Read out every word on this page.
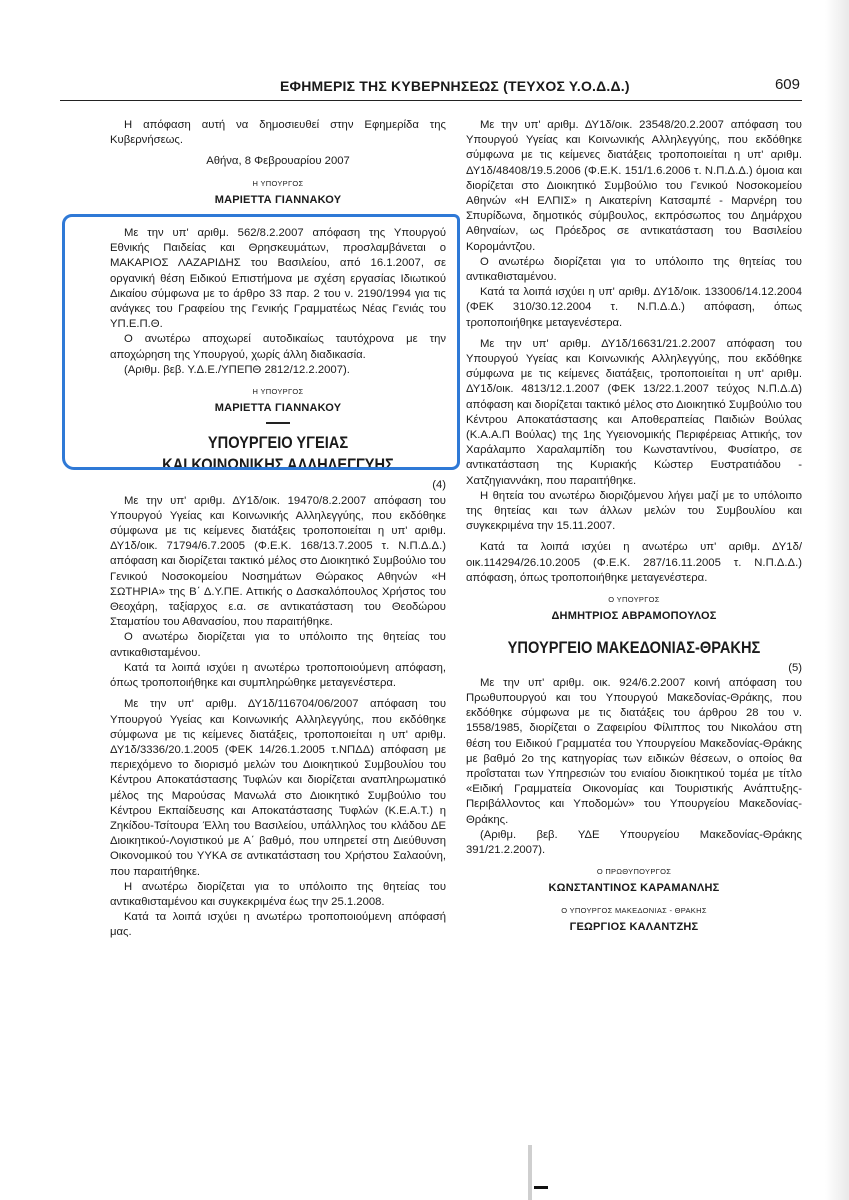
ΕΦΗΜΕΡΙΣ ΤΗΣ ΚΥΒΕΡΝΗΣΕΩΣ (ΤΕΥΧΟΣ Υ.Ο.Δ.Δ.)	609

Η απόφαση αυτή να δημοσιευθεί στην Εφημερίδα της Κυβερνήσεως.

Αθήνα, 8 Φεβρουαρίου 2007

Η ΥΠΟΥΡΓΟΣ

ΜΑΡΙΕΤΤΑ ΓΙΑΝΝΑΚΟΥ

Με την υπ' αριθμ. 562/8.2.2007 απόφαση της Υπουργού Εθνικής Παιδείας και Θρησκευμάτων, προσλαμβάνεται ο ΜΑΚΑΡΙΟΣ ΛΑΖΑΡΙΔΗΣ του Βασιλείου, από 16.1.2007, σε οργανική θέση Ειδικού Επιστήμονα με σχέση εργασίας Ιδιωτικού Δικαίου σύμφωνα με το άρθρο 33 παρ. 2 του ν. 2190/1994 για τις ανάγκες του Γραφείου της Γενικής Γραμματέως Νέας Γενιάς του ΥΠ.Ε.Π.Θ.

Ο ανωτέρω αποχωρεί αυτοδικαίως ταυτόχρονα με την αποχώρηση της Υπουργού, χωρίς άλλη διαδικασία.

(Αριθμ. βεβ. Υ.Δ.Ε./ΥΠΕΠΘ 2812/12.2.2007).

Η ΥΠΟΥΡΓΟΣ

ΜΑΡΙΕΤΤΑ ΓΙΑΝΝΑΚΟΥ

ΥΠΟΥΡΓΕΙΟ ΥΓΕΙΑΣ

ΚΑΙ ΚΟΙΝΩΝΙΚΗΣ ΑΛΛΗΛΕΓΓΥΗΣ

(4)

Με την υπ' αριθμ. ΔΥ1δ/οικ. 19470/8.2.2007 απόφαση του Υπουργού Υγείας και Κοινωνικής Αλληλεγγύης, που εκδόθηκε σύμφωνα με τις κείμενες διατάξεις τροποποιείται η υπ' αριθμ. ΔΥ1δ/οικ. 71794/6.7.2005 (Φ.Ε.Κ. 168/13.7.2005 τ. Ν.Π.Δ.Δ.) απόφαση και διορίζεται τακτικό μέλος στο Διοικητικό Συμβούλιο του Γενικού Νοσοκομείου Νοσημάτων Θώρακος Αθηνών «Η ΣΩΤΗΡΙΑ» της Β΄ Δ.Υ.ΠΕ. Αττικής ο Δασκαλόπουλος Χρήστος του Θεοχάρη, ταξίαρχος ε.α. σε αντικατάσταση του Θεοδώρου Σταματίου του Αθανασίου, που παραιτήθηκε.

Ο ανωτέρω διορίζεται για το υπόλοιπο της θητείας του αντικαθισταμένου.

Κατά τα λοιπά ισχύει η ανωτέρω τροποποιούμενη απόφαση, όπως τροποποιήθηκε και συμπληρώθηκε μεταγενέστερα.

Με την υπ' αριθμ. ΔΥ1δ/116704/06/2007 απόφαση του Υπουργού Υγείας και Κοινωνικής Αλληλεγγύης, που εκδόθηκε σύμφωνα με τις κείμενες διατάξεις, τροποποιείται η υπ' αριθμ. ΔΥ1δ/3336/20.1.2005 (ΦΕΚ 14/26.1.2005 τ.ΝΠΔΔ) απόφαση με περιεχόμενο το διορισμό μελών του Διοικητικού Συμβουλίου του Κέντρου Αποκατάστασης Τυφλών και διορίζεται αναπληρωματικό μέλος της Μαρούσας Μανωλά στο Διοικητικό Συμβούλιο του Κέντρου Εκπαίδευσης και Αποκατάστασης Τυφλών (Κ.Ε.Α.Τ.) η Ζηκίδου-Τσίτουρα Έλλη του Βασιλείου, υπάλληλος του κλάδου ΔΕ Διοικητικού-Λογιστικού με Α΄ βαθμό, που υπηρετεί στη Διεύθυνση Οικονομικού του ΥΥΚΑ σε αντικατάσταση του Χρήστου Σαλαούνη, που παραιτήθηκε.

Η ανωτέρω διορίζεται για το υπόλοιπο της θητείας του αντικαθισταμένου και συγκεκριμένα έως την 25.1.2008.

Κατά τα λοιπά ισχύει η ανωτέρω τροποποιούμενη απόφασή μας.

Με την υπ' αριθμ. ΔΥ1δ/οικ. 23548/20.2.2007 απόφαση του Υπουργού Υγείας και Κοινωνικής Αλληλεγγύης, που εκδόθηκε σύμφωνα με τις κείμενες διατάξεις τροποποιείται η υπ' αριθμ. ΔΥ1δ/48408/19.5.2006 (Φ.Ε.Κ. 151/1.6.2006 τ. Ν.Π.Δ.Δ.) όμοια και διορίζεται στο Διοικητικό Συμβούλιο του Γενικού Νοσοκομείου Αθηνών «Η ΕΛΠΙΣ» η Αικατερίνη Κατσαμπέ - Μαρνέρη του Σπυρίδωνα, δημοτικός σύμβουλος, εκπρόσωπος του Δημάρχου Αθηναίων, ως Πρόεδρος σε αντικατάσταση του Βασιλείου Κορομάντζου.

Ο ανωτέρω διορίζεται για το υπόλοιπο της θητείας του αντικαθισταμένου.

Κατά τα λοιπά ισχύει η υπ' αριθμ. ΔΥ1δ/οικ. 133006/14.12.2004 (ΦΕΚ 310/30.12.2004 τ. Ν.Π.Δ.Δ.) απόφαση, όπως τροποποιήθηκε μεταγενέστερα.

Με την υπ' αριθμ. ΔΥ1δ/16631/21.2.2007 απόφαση του Υπουργού Υγείας και Κοινωνικής Αλληλεγγύης, που εκδόθηκε σύμφωνα με τις κείμενες διατάξεις, τροποποιείται η υπ' αριθμ. ΔΥ1δ/οικ. 4813/12.1.2007 (ΦΕΚ 13/22.1.2007 τεύχος Ν.Π.Δ.Δ) απόφαση και διορίζεται τακτικό μέλος στο Διοικητικό Συμβούλιο του Κέντρου Αποκατάστασης και Αποθεραπείας Παιδιών Βούλας (Κ.Α.Α.Π Βούλας) της 1ης Υγειονομικής Περιφέρειας Αττικής, τον Χαράλαμπο Χαραλαμπίδη του Κωνσταντίνου, Φυσίατρο, σε αντικατάσταση της Κυριακής Κώστερ Ευστρατιάδου - Χατζηγιαννάκη, που παραιτήθηκε.

Η θητεία του ανωτέρω διοριζόμενου λήγει μαζί με το υπόλοιπο της θητείας και των άλλων μελών του Συμβουλίου και συγκεκριμένα την 15.11.2007.

Κατά τα λοιπά ισχύει η ανωτέρω υπ' αριθμ. ΔΥ1δ/οικ.114294/26.10.2005 (Φ.Ε.Κ. 287/16.11.2005 τ. Ν.Π.Δ.Δ.) απόφαση, όπως τροποποιήθηκε μεταγενέστερα.

Ο ΥΠΟΥΡΓΟΣ

ΔΗΜΗΤΡΙΟΣ ΑΒΡΑΜΟΠΟΥΛΟΣ

ΥΠΟΥΡΓΕΙΟ ΜΑΚΕΔΟΝΙΑΣ-ΘΡΑΚΗΣ

(5)

Με την υπ' αριθμ. οικ. 924/6.2.2007 κοινή απόφαση του Πρωθυπουργού και του Υπουργού Μακεδονίας-Θράκης, που εκδόθηκε σύμφωνα με τις διατάξεις του άρθρου 28 του ν. 1558/1985, διορίζεται ο Ζαφειρίου Φίλιππος του Νικολάου στη θέση του Ειδικού Γραμματέα του Υπουργείου Μακεδονίας-Θράκης με βαθμό 2ο της κατηγορίας των ειδικών θέσεων, ο οποίος θα προΐσταται των Υπηρεσιών του ενιαίου διοικητικού τομέα με τίτλο «Ειδική Γραμματεία Οικονομίας και Τουριστικής Ανάπτυξης- Περιβάλλοντος και Υποδομών» του Υπουργείου Μακεδονίας-Θράκης.

(Αριθμ. βεβ. ΥΔΕ Υπουργείου Μακεδονίας-Θράκης 391/21.2.2007).

Ο ΠΡΩΘΥΠΟΥΡΓΟΣ

ΚΩΝΣΤΑΝΤΙΝΟΣ ΚΑΡΑΜΑΝΛΗΣ

Ο ΥΠΟΥΡΓΟΣ ΜΑΚΕΔΟΝΙΑΣ - ΘΡΑΚΗΣ

ΓΕΩΡΓΙΟΣ ΚΑΛΑΝΤΖΗΣ
